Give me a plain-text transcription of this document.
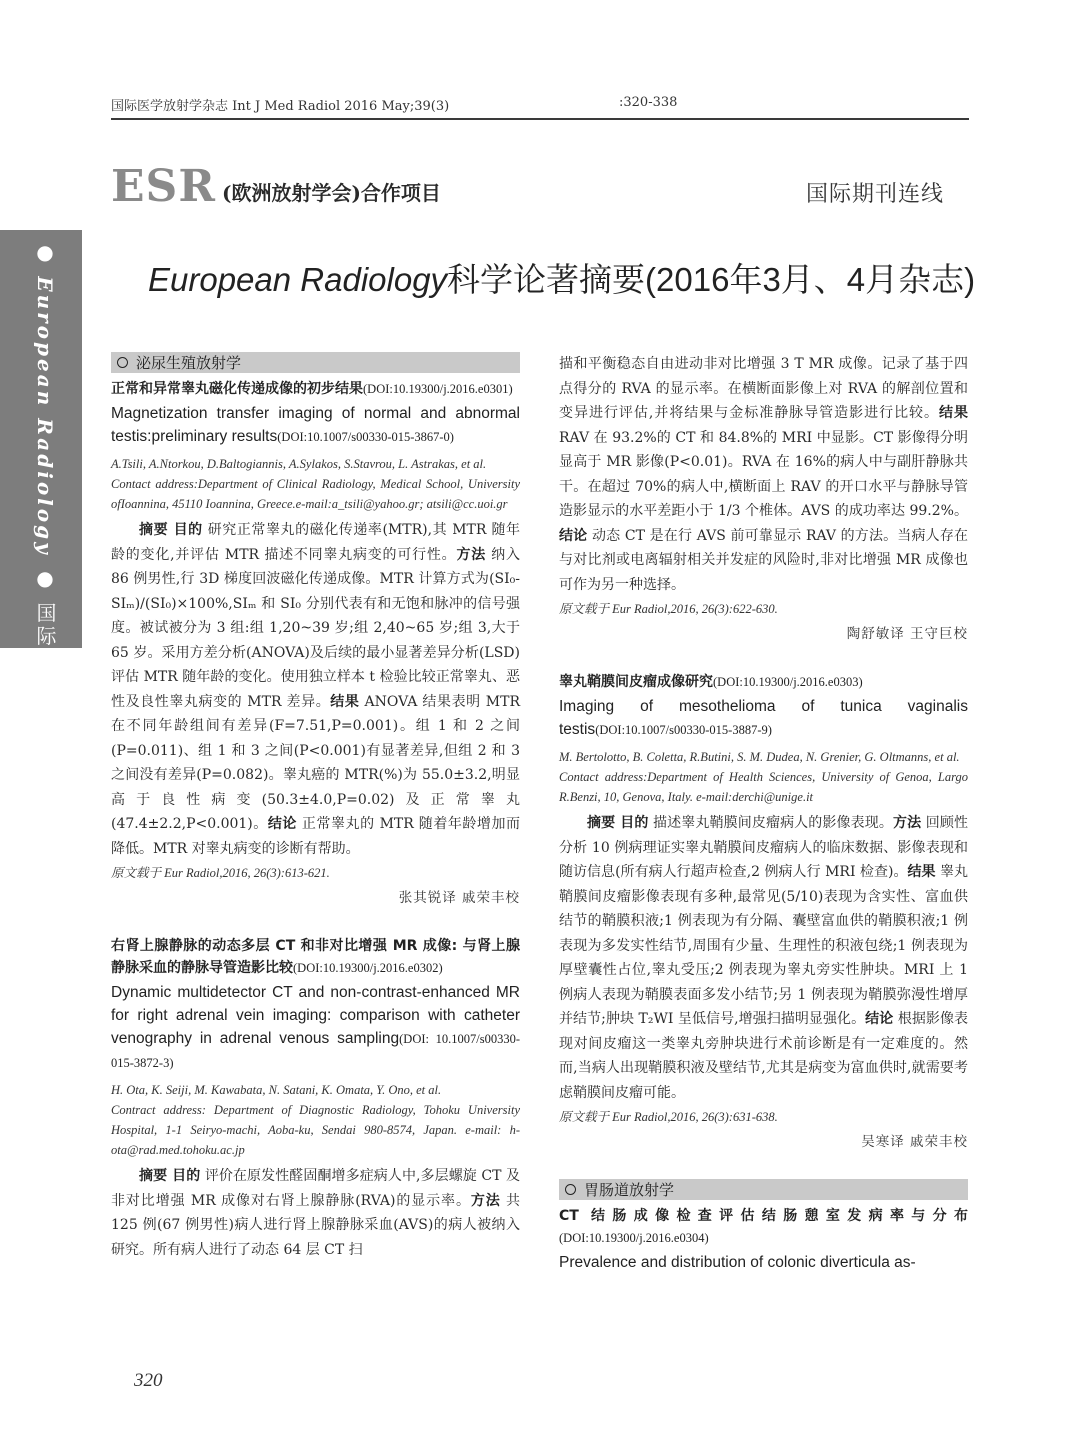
国际医学放射学杂志 Int J Med Radiol 2016 May;39(3)	:320-338
ESR (欧洲放射学会)合作项目	国际期刊连线
● European Radiology ● 国际期刊连线
European Radiology科学论著摘要(2016年3月、4月杂志)
泌尿生殖放射学
正常和异常睾丸磁化传递成像的初步结果(DOI:10.19300/j.2016.e0301)
Magnetization transfer imaging of normal and abnormal testis:preliminary results(DOI:10.1007/s00330-015-3867-0)
A.Tsili, A.Ntorkou, D.Baltogiannis, A.Sylakos, S.Stavrou, L. Astrakas, et al.
Contact address:Department of Clinical Radiology, Medical School, University ofIoannina, 45110 Ioannina, Greece.e-mail:a_tsili@yahoo.gr; atsili@cc.uoi.gr
摘要 目的 研究正常睾丸的磁化传递率(MTR),其 MTR 随年龄的变化,并评估 MTR 描述不同睾丸病变的可行性。方法 纳入 86 例男性,行 3D 梯度回波磁化传递成像。MTR 计算方式为(SI₀-SIₘ)/(SI₀)×100%,SIₘ 和 SI₀ 分别代表有和无饱和脉冲的信号强度。被试被分为 3 组:组 1,20~39 岁;组 2,40~65 岁;组 3,大于 65 岁。采用方差分析(ANOVA)及后续的最小显著差异分析(LSD)评估 MTR 随年龄的变化。使用独立样本 t 检验比较正常睾丸、恶性及良性睾丸病变的 MTR 差异。结果 ANOVA 结果表明 MTR 在不同年龄组间有差异(F=7.51,P=0.001)。组 1 和 2 之间(P=0.011)、组 1 和 3 之间(P<0.001)有显著差异,但组 2 和 3 之间没有差异(P=0.082)。睾丸癌的 MTR(%)为 55.0±3.2,明显高于良性病变(50.3±4.0,P=0.02)及正常睾丸(47.4±2.2,P<0.001)。结论 正常睾丸的 MTR 随着年龄增加而降低。MTR 对睾丸病变的诊断有帮助。
原文载于 Eur Radiol,2016, 26(3):613-621.
张其锐译 戚荣丰校
右肾上腺静脉的动态多层 CT 和非对比增强 MR 成像: 与肾上腺静脉采血的静脉导管造影比较(DOI:10.19300/j.2016.e0302)
Dynamic multidetector CT and non-contrast-enhanced MR for right adrenal vein imaging: comparison with catheter venography in adrenal venous sampling(DOI: 10.1007/s00330-015-3872-3)
H. Ota, K. Seiji, M. Kawabata, N. Satani, K. Omata, Y. Ono, et al.
Contract address: Department of Diagnostic Radiology, Tohoku University Hospital, 1-1 Seiryo-machi, Aoba-ku, Sendai 980-8574, Japan. e-mail: h-ota@rad.med.tohoku.ac.jp
摘要 目的 评价在原发性醛固酮增多症病人中,多层螺旋 CT 及非对比增强 MR 成像对右肾上腺静脉(RVA)的显示率。方法 共 125 例(67 例男性)病人进行肾上腺静脉采血(AVS)的病人被纳入研究。所有病人进行了动态 64 层 CT 扫
描和平衡稳态自由进动非对比增强 3 T MR 成像。记录了基于四点得分的 RVA 的显示率。在横断面影像上对 RVA 的解剖位置和变异进行评估,并将结果与金标准静脉导管造影进行比较。结果 RAV 在 93.2%的 CT 和 84.8%的 MRI 中显影。CT 影像得分明显高于 MR 影像(P<0.01)。RVA 在 16%的病人中与副肝静脉共干。在超过 70%的病人中,横断面上 RAV 的开口水平与静脉导管造影显示的水平差距小于 1/3 个椎体。AVS 的成功率达 99.2%。结论 动态 CT 是在行 AVS 前可靠显示 RAV 的方法。当病人存在与对比剂或电离辐射相关并发症的风险时,非对比增强 MR 成像也可作为另一种选择。
原文载于 Eur Radiol,2016, 26(3):622-630.
陶舒敏译 王守巨校
睾丸鞘膜间皮瘤成像研究(DOI:10.19300/j.2016.e0303)
Imaging of mesothelioma of tunica vaginalis testis(DOI:10.1007/s00330-015-3887-9)
M. Bertolotto, B. Coletta, R.Butini, S. M. Dudea, N. Grenier, G. Oltmanns, et al.
Contact address:Department of Health Sciences, University of Genoa, Largo R.Benzi, 10, Genova, Italy. e-mail:derchi@unige.it
摘要 目的 描述睾丸鞘膜间皮瘤病人的影像表现。方法 回顾性分析 10 例病理证实睾丸鞘膜间皮瘤病人的临床数据、影像表现和随访信息(所有病人行超声检查,2 例病人行 MRI 检查)。结果 睾丸鞘膜间皮瘤影像表现有多种,最常见(5/10)表现为含实性、富血供结节的鞘膜积液;1 例表现为有分隔、囊壁富血供的鞘膜积液;1 例表现为多发实性结节,周围有少量、生理性的积液包绕;1 例表现为厚壁囊性占位,睾丸受压;2 例表现为睾丸旁实性肿块。MRI 上 1 例病人表现为鞘膜表面多发小结节;另 1 例表现为鞘膜弥漫性增厚并结节;肿块 T₂WI 呈低信号,增强扫描明显强化。结论 根据影像表现对间皮瘤这一类睾丸旁肿块进行术前诊断是有一定难度的。然而,当病人出现鞘膜积液及壁结节,尤其是病变为富血供时,就需要考虑鞘膜间皮瘤可能。
原文载于 Eur Radiol,2016, 26(3):631-638.
吴寒译 戚荣丰校
胃肠道放射学
CT 结肠成像检查评估结肠憩室发病率与分布(DOI:10.19300/j.2016.e0304)
Prevalence and distribution of colonic diverticula as-
320
